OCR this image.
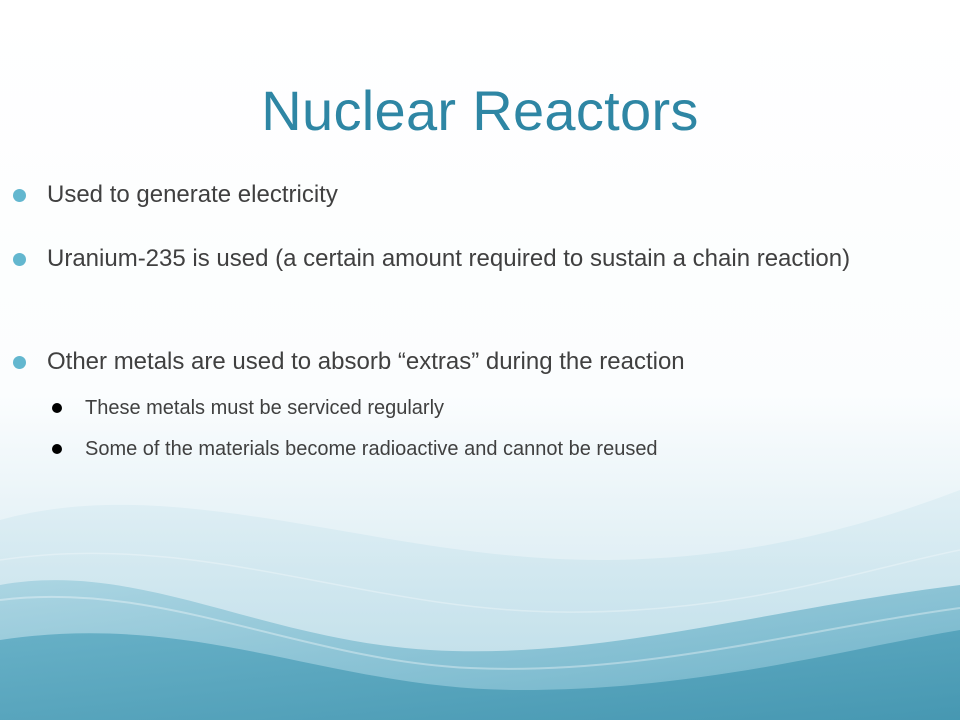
Nuclear Reactors
Used to generate electricity
Uranium-235 is used (a certain amount required to sustain a chain reaction)
Other metals are used to absorb “extras” during the reaction
These metals must be serviced regularly
Some of the materials become radioactive and cannot be reused
